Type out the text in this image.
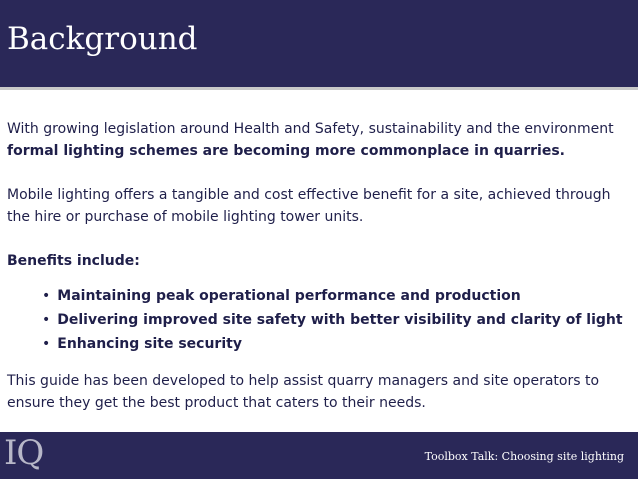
Background

With growing legislation around Health and Safety, sustainability and the environment
formal lighting schemes are becoming more commonplace in quarries.

Mobile lighting offers a tangible and cost effective benefit for a site, achieved through the hire or purchase of mobile lighting tower units.

Benefits include:

• Maintaining peak operational performance and production
• Delivering improved site safety with better visibility and clarity of light
• Enhancing site security

This guide has been developed to help assist quarry managers and site operators to ensure they get the best product that caters to their needs.

IQ	Toolbox Talk: Choosing site lighting
